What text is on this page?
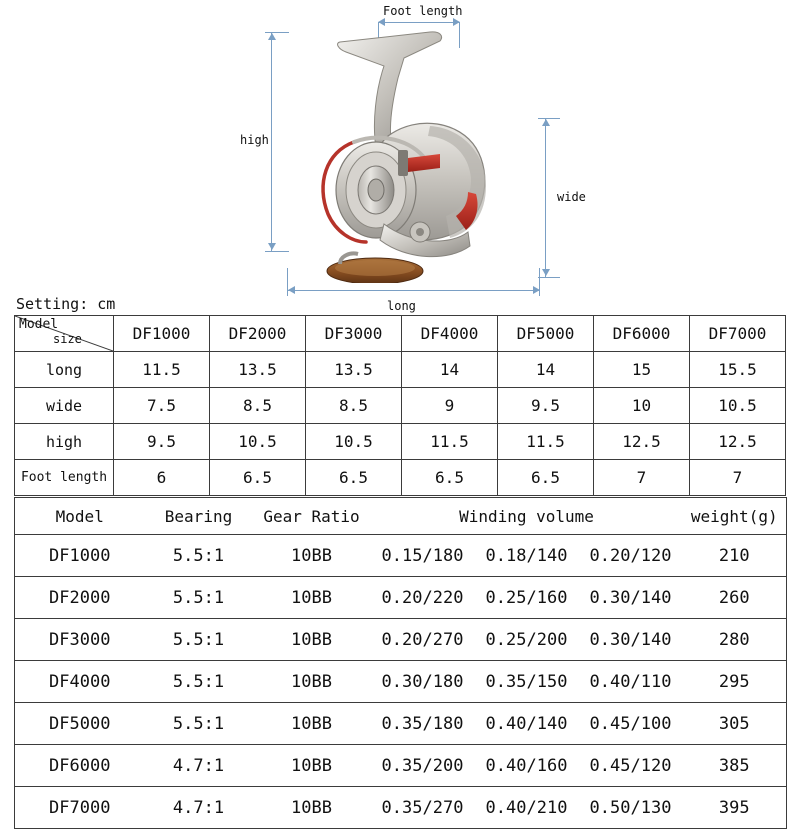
Foot length
high
wide
long
Setting: cm
Model
size	DF1000	DF2000	DF3000	DF4000	DF5000	DF6000	DF7000
long	11.5	13.5	13.5	14	14	15	15.5
wide	7.5	8.5	8.5	9	9.5	10	10.5
high	9.5	10.5	10.5	11.5	11.5	12.5	12.5
Foot length	6	6.5	6.5	6.5	6.5	7	7
Model	Bearing	Gear Ratio	Winding volume			weight(g)
DF1000	5.5:1	10BB	0.15/180	0.18/140	0.20/120	210
DF2000	5.5:1	10BB	0.20/220	0.25/160	0.30/140	260
DF3000	5.5:1	10BB	0.20/270	0.25/200	0.30/140	280
DF4000	5.5:1	10BB	0.30/180	0.35/150	0.40/110	295
DF5000	5.5:1	10BB	0.35/180	0.40/140	0.45/100	305
DF6000	4.7:1	10BB	0.35/200	0.40/160	0.45/120	385
DF7000	4.7:1	10BB	0.35/270	0.40/210	0.50/130	395
